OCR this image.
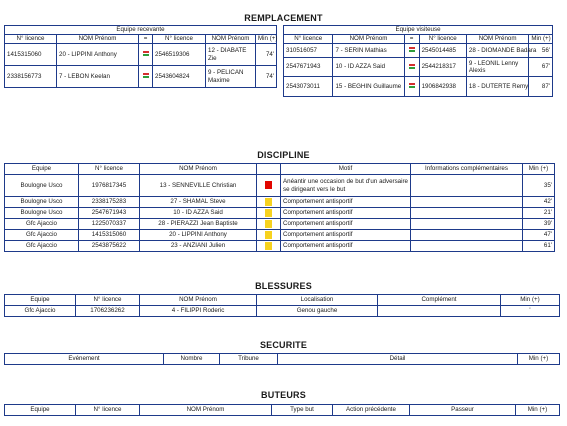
REMPLACEMENT
Equipe recevante					
N° licence	NOM Prénom	=	N° licence	NOM Prénom	Min (+)
1415315060	20 - LIPPINI Anthony		2546519306	12 - DIABATE Zie	74'
2338156773	7 - LEBON Keelan		2543604824	9 - PELICAN Maxime	74'
Equipe visiteuse					
N° licence	NOM Prénom	=	N° licence	NOM Prénom	Min (+)
310516057	7 - SERIN Mathias		2545014485	28 - DIOMANDE Badara	56'
2547671943	10 - ID AZZA Said		2544218317	9 - LEONIL Lenny Alexis	67'
2543073011	15 - BEGHIN Guillaume		1906842938	18 - DUTERTE Remy	87'
DISCIPLINE
Equipe	N° licence	NOM Prénom		Motif	Informations complémentaires	Min (+)
Boulogne Usco	1976817345	13 - SENNEVILLE Christian		Anéantir une occasion de but d'un adversaire se dirigeant vers le but		35'
Boulogne Usco	2338175283	27 - SHAMAL Steve		Comportement antisportif		42'
Boulogne Usco	2547671943	10 - ID AZZA Said		Comportement antisportif		21'
Gfc Ajaccio	1225070337	28 - PIERAZZI Jean Baptiste		Comportement antisportif		39'
Gfc Ajaccio	1415315060	20 - LIPPINI Anthony		Comportement antisportif		47'
Gfc Ajaccio	2543875622	23 - ANZIANI Julien		Comportement antisportif		61'
BLESSURES
Equipe	N° licence	NOM Prénom	Localisation	Complément	Min (+)
Gfc Ajaccio	1706236262	4 - FILIPPI Roderic	Genou gauche		'
SECURITE
Evénement	Nombre	Tribune	Détail	Min (+)
BUTEURS
Equipe	N° licence	NOM Prénom	Type but	Action précédente	Passeur	Min (+)
